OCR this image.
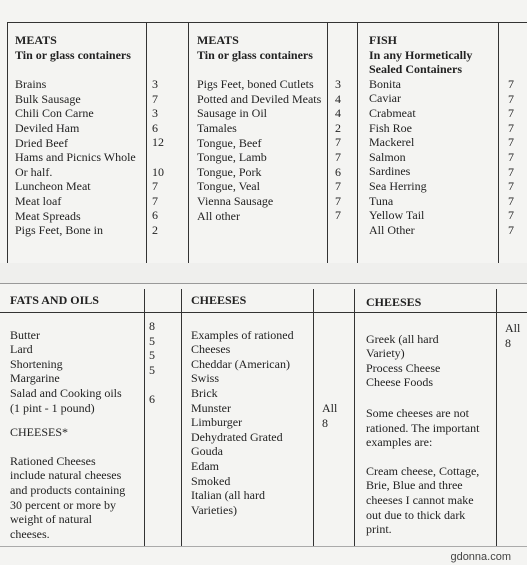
MEATS

Tin or glass containers

Brains
Bulk Sausage
Chili Con Carne
Deviled Ham
Dried Beef
Hams and Picnics Whole
Or half.
Luncheon Meat
Meat loaf
Meat Spreads
Pigs Feet, Bone in
3
7
3
6
12
10
7
7
6
2

MEATS

Tin or glass containers

Pigs Feet, boned Cutlets
Potted and Deviled Meats
Sausage in Oil
Tamales
Tongue, Beef
Tongue, Lamb
Tongue, Pork
Tongue, Veal
Vienna Sausage
All other
3
4
4
2
7
7
6
7
7
7

FISH

In any Hormetically Sealed Containers

Bonita
Caviar
Crabmeat
Fish Roe
Mackerel
Salmon
Sardines
Sea Herring
Tuna
Yellow Tail
All Other
7
7
7
7
7
7
7
7
7
7
7

FATS AND OILS

Butter
Lard
Shortening
Margarine
Salad and Cooking oils
(1 pint - 1 pound)

CHEESES*

Rationed Cheeses
include natural cheeses
and products containing
30 percent or more by
weight of natural
cheeses.
8
5
5
5
6

CHEESES

Examples of rationed
Cheeses
Cheddar (American)
Swiss
Brick
Munster
Limburger
Dehydrated Grated
Gouda
Edam
Smoked
Italian (all hard
Varieties)
All
8

CHEESES

Greek (all hard
Variety)
Process Cheese
Cheese Foods
Some cheeses are not
rationed. The important
examples are:
Cream cheese, Cottage,
Brie, Blue and three
cheeses I cannot make
out due to thick dark
print.
All
8
gdonna.com
